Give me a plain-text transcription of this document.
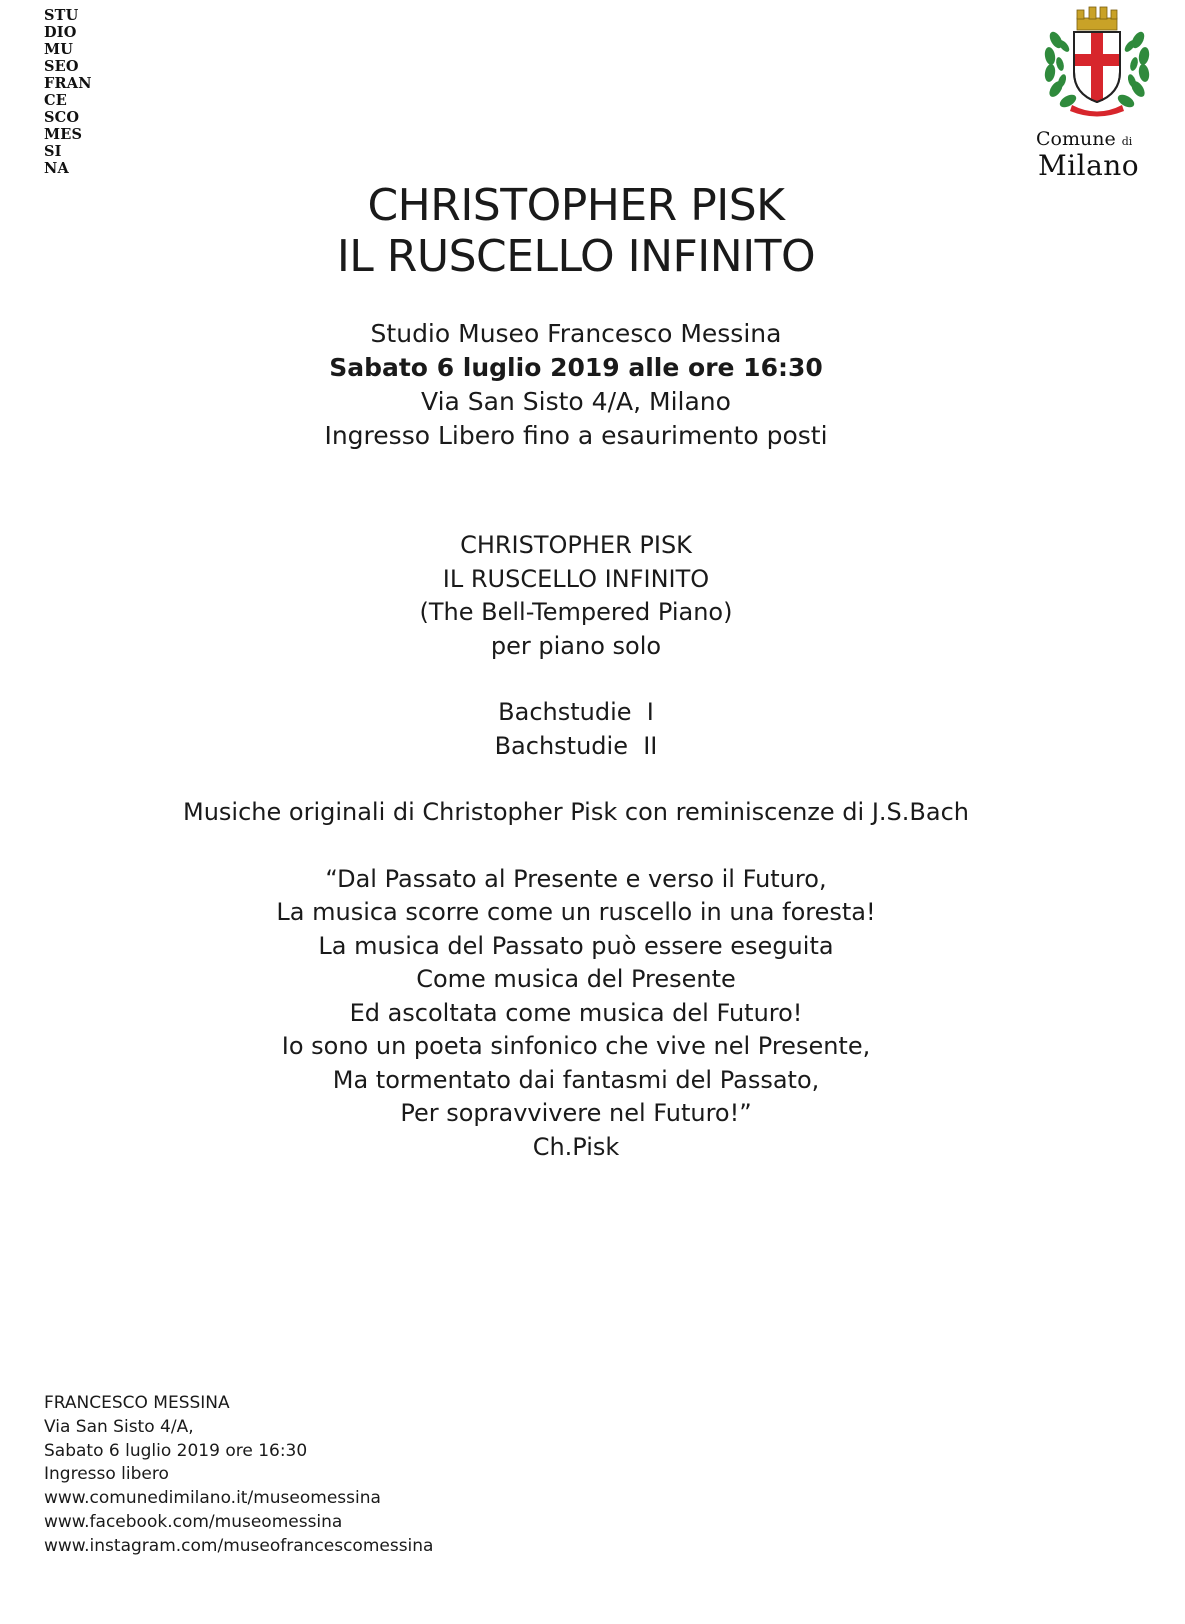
STU
DIO
MU
SEO
FRAN
CE
SCO
MES
SI
NA
Comune di
Milano
CHRISTOPHER PISK
IL RUSCELLO INFINITO
Studio Museo Francesco Messina
Sabato 6 luglio 2019 alle ore 16:30
Via San Sisto 4/A, Milano
Ingresso Libero fino a esaurimento posti
CHRISTOPHER PISK
IL RUSCELLO INFINITO
(The Bell-Tempered Piano)
per piano solo
Bachstudie  I
Bachstudie  II
Musiche originali di Christopher Pisk con reminiscenze di J.S.Bach
“Dal Passato al Presente e verso il Futuro,
La musica scorre come un ruscello in una foresta!
La musica del Passato può essere eseguita
Come musica del Presente
Ed ascoltata come musica del Futuro!
Io sono un poeta sinfonico che vive nel Presente,
Ma tormentato dai fantasmi del Passato,
Per sopravvivere nel Futuro!”
Ch.Pisk
FRANCESCO MESSINA
Via San Sisto 4/A,
Sabato 6 luglio 2019 ore 16:30
Ingresso libero
www.comunedimilano.it/museomessina
www.facebook.com/museomessina
www.instagram.com/museofrancescomessina
